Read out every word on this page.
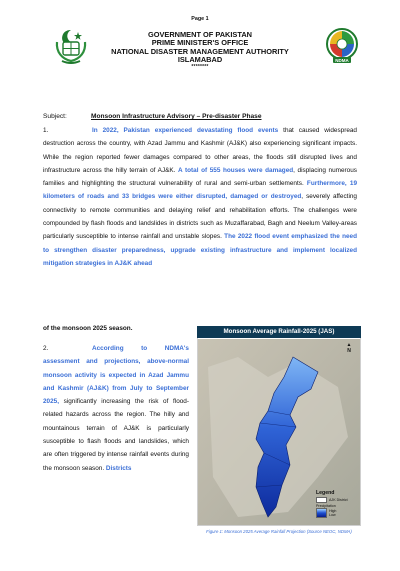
Page 1
GOVERNMENT OF PAKISTAN
PRIME MINISTER'S OFFICE
NATIONAL DISASTER MANAGEMENT AUTHORITY
ISLAMABAD
********
NDMA
Subject:	Monsoon Infrastructure Advisory – Pre-disaster Phase
1.	In 2022, Pakistan experienced devastating flood events that caused widespread destruction across the country, with Azad Jammu and Kashmir (AJ&K) also experiencing significant impacts. While the region reported fewer damages compared to other areas, the floods still disrupted lives and infrastructure across the hilly terrain of AJ&K. A total of 555 houses were damaged, displacing numerous families and highlighting the structural vulnerability of rural and semi-urban settlements. Furthermore, 19 kilometers of roads and 33 bridges were either disrupted, damaged or destroyed, severely affecting connectivity to remote communities and delaying relief and rehabilitation efforts. The challenges were compounded by flash floods and landslides in districts such as Muzaffarabad, Bagh and Neelum Valley-areas particularly susceptible to intense rainfall and unstable slopes. The 2022 flood event emphasized the need to strengthen disaster preparedness, upgrade existing infrastructure and implement localized mitigation strategies in AJ&K ahead
of the monsoon 2025 season.
2.	According to NDMA's assessment and projections, above-normal monsoon activity is expected in Azad Jammu and Kashmir (AJ&K) from July to September 2025, significantly increasing the risk of flood-related hazards across the region. The hilly and mountainous terrain of AJ&K is particularly susceptible to flash floods and landslides, which are often triggered by intense rainfall events during the monsoon season. Districts
Monsoon Average Rainfall-2025 (JAS)
▲
N
Legend
AJK District
Precipitation
High
Low
Figure 1: Monsoon 2025 Average Rainfall Projection (Source NEOC, NDMA)
